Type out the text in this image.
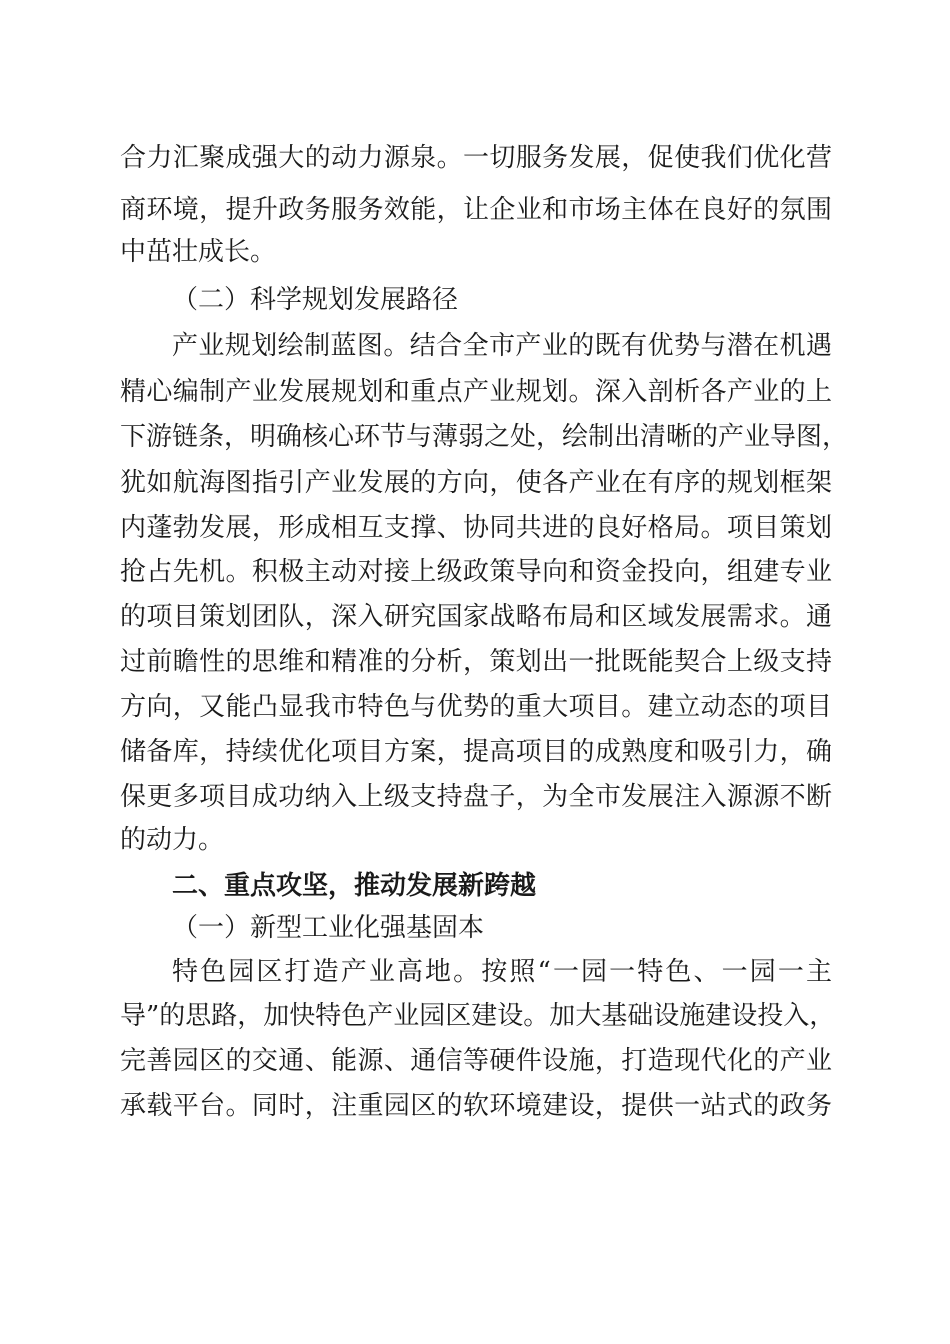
合力汇聚成强大的动力源泉。一切服务发展，促使我们优化营
商环境，提升政务服务效能，让企业和市场主体在良好的氛围
中茁壮成长。
（二）科学规划发展路径
产业规划绘制蓝图。结合全市产业的既有优势与潜在机遇
精心编制产业发展规划和重点产业规划。深入剖析各产业的上
下游链条，明确核心环节与薄弱之处，绘制出清晰的产业导图，
犹如航海图指引产业发展的方向，使各产业在有序的规划框架
内蓬勃发展，形成相互支撑、协同共进的良好格局。项目策划
抢占先机。积极主动对接上级政策导向和资金投向，组建专业
的项目策划团队，深入研究国家战略布局和区域发展需求。通
过前瞻性的思维和精准的分析，策划出一批既能契合上级支持
方向，又能凸显我市特色与优势的重大项目。建立动态的项目
储备库，持续优化项目方案，提高项目的成熟度和吸引力，确
保更多项目成功纳入上级支持盘子，为全市发展注入源源不断
的动力。
二、重点攻坚，推动发展新跨越
（一）新型工业化强基固本
特色园区打造产业高地。按照“一园一特色、一园一主
导”的思路，加快特色产业园区建设。加大基础设施建设投入，
完善园区的交通、能源、通信等硬件设施，打造现代化的产业
承载平台。同时，注重园区的软环境建设，提供一站式的政务
